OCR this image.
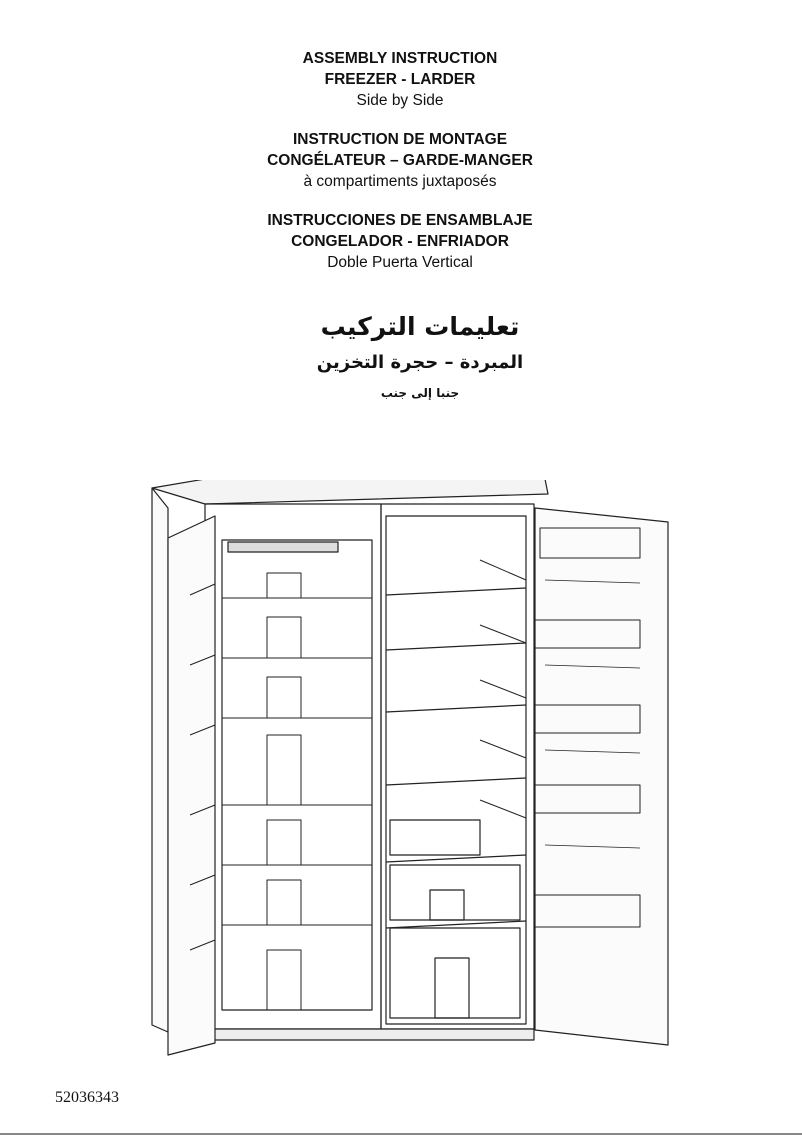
ASSEMBLY INSTRUCTION
FREEZER - LARDER
Side by Side
INSTRUCTION DE MONTAGE
CONGÉLATEUR – GARDE-MANGER
à compartiments juxtaposés
INSTRUCCIONES DE ENSAMBLAJE
CONGELADOR - ENFRIADOR
Doble Puerta Vertical
تعليمات التركيب
المبردة – حجرة التخزين
جنبا إلى جنب
52036343
